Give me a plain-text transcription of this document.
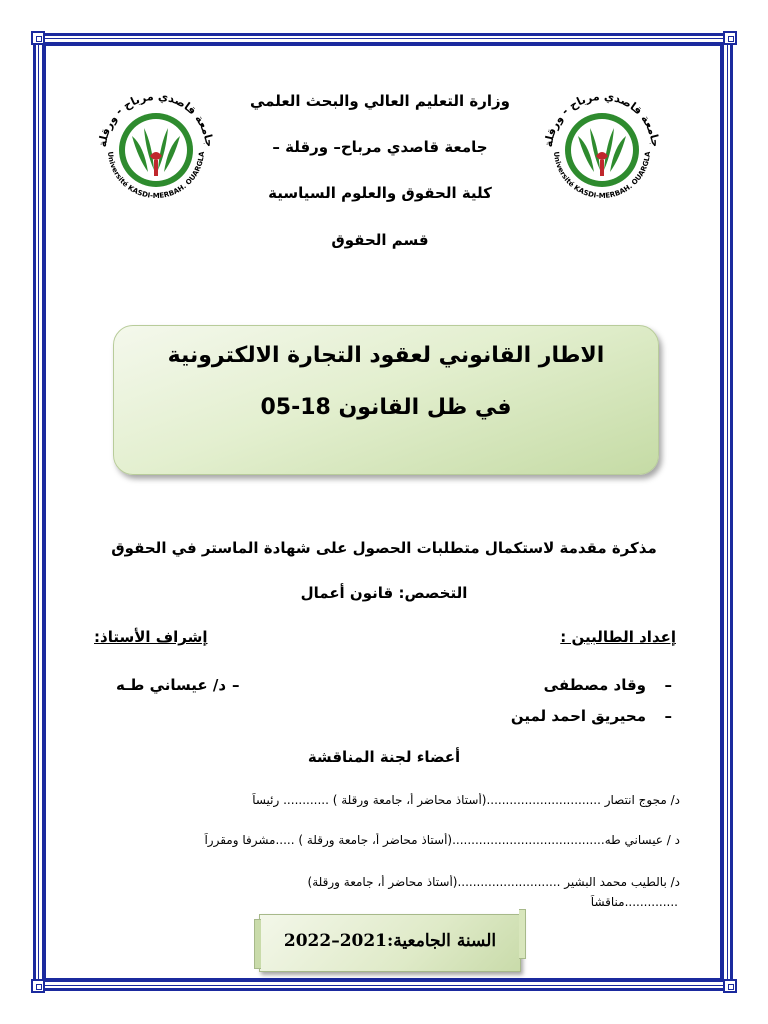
جامعة قاصدي مرباح - ورقلة
Université KASDI-MERBAH. OUARGLA
جامعة قاصدي مرباح - ورقلة
Université KASDI-MERBAH. OUARGLA
وزارة التعليم العالي والبحث العلمي
جامعة قاصدي مرباح– ورقلة –
كلية الحقوق والعلوم السياسية
قسم الحقوق
الاطار القانوني لعقود التجارة الالكترونية
في ظل القانون 18-05
مذكرة مقدمة لاستكمال متطلبات الحصول على شهادة الماستر في الحقوق
التخصص: قانون أعمال
إعداد الطالبين :
إشراف الأستاذ:
وقاد مصطفى –
محيريق احمد لمين –
د/ عيساني طـه –
أعضاء لجنة المناقشة
د/ مجوج انتصار ..............................(أستاذ محاضر أ، جامعة ورقلة ) ............ رئيساً
د / عيساني طه........................................(أستاذ محاضر أ، جامعة ورقلة ) .....مشرفا ومقرراً
د/ بالطيب محمد البشير ...........................(أستاذ محاضر أ، جامعة ورقلة)
..............مناقشاً
السنة الجامعية:2021–2022
